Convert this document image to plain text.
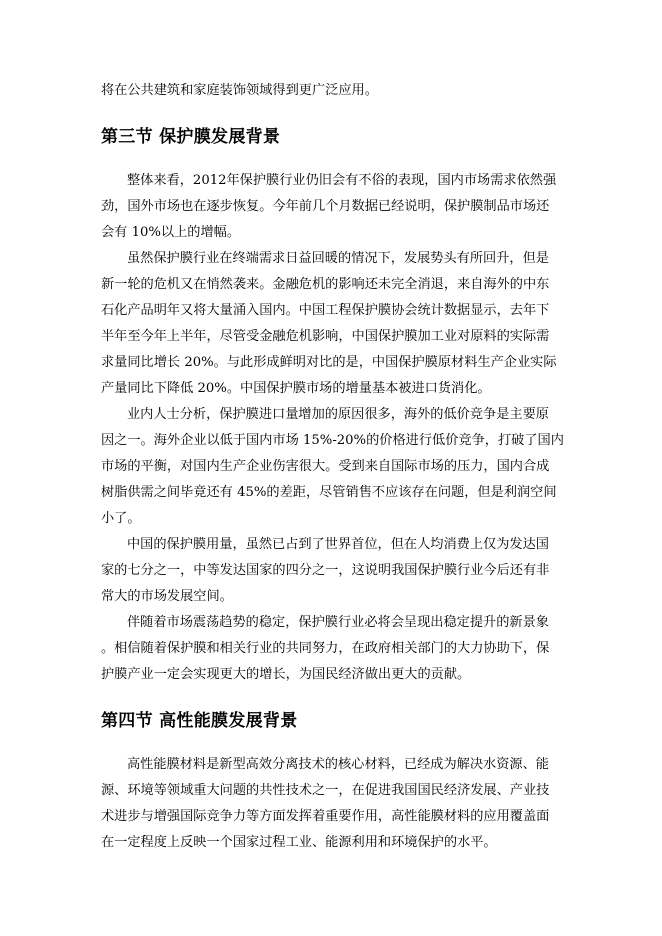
将在公共建筑和家庭装饰领域得到更广泛应用。
第三节 保护膜发展背景
整体来看，2012年保护膜行业仍旧会有不俗的表现，国内市场需求依然强
劲，国外市场也在逐步恢复。今年前几个月数据已经说明，保护膜制品市场还
会有 10%以上的增幅。
虽然保护膜行业在终端需求日益回暖的情况下，发展势头有所回升，但是
新一轮的危机又在悄然袭来。金融危机的影响还未完全消退，来自海外的中东
石化产品明年又将大量涌入国内。中国工程保护膜协会统计数据显示，去年下
半年至今年上半年，尽管受金融危机影响，中国保护膜加工业对原料的实际需
求量同比增长 20%。与此形成鲜明对比的是，中国保护膜原材料生产企业实际
产量同比下降低 20%。中国保护膜市场的增量基本被进口货消化。
业内人士分析，保护膜进口量增加的原因很多，海外的低价竞争是主要原
因之一。海外企业以低于国内市场 15%-20%的价格进行低价竞争，打破了国内
市场的平衡，对国内生产企业伤害很大。受到来自国际市场的压力，国内合成
树脂供需之间毕竟还有 45%的差距，尽管销售不应该存在问题，但是利润空间
小了。
中国的保护膜用量，虽然已占到了世界首位，但在人均消费上仅为发达国
家的七分之一，中等发达国家的四分之一，这说明我国保护膜行业今后还有非
常大的市场发展空间。
伴随着市场震荡趋势的稳定，保护膜行业必将会呈现出稳定提升的新景象
。相信随着保护膜和相关行业的共同努力，在政府相关部门的大力协助下，保
护膜产业一定会实现更大的增长，为国民经济做出更大的贡献。
第四节 高性能膜发展背景
高性能膜材料是新型高效分离技术的核心材料，已经成为解决水资源、能
源、环境等领域重大问题的共性技术之一，在促进我国国民经济发展、产业技
术进步与增强国际竞争力等方面发挥着重要作用，高性能膜材料的应用覆盖面
在一定程度上反映一个国家过程工业、能源利用和环境保护的水平。
